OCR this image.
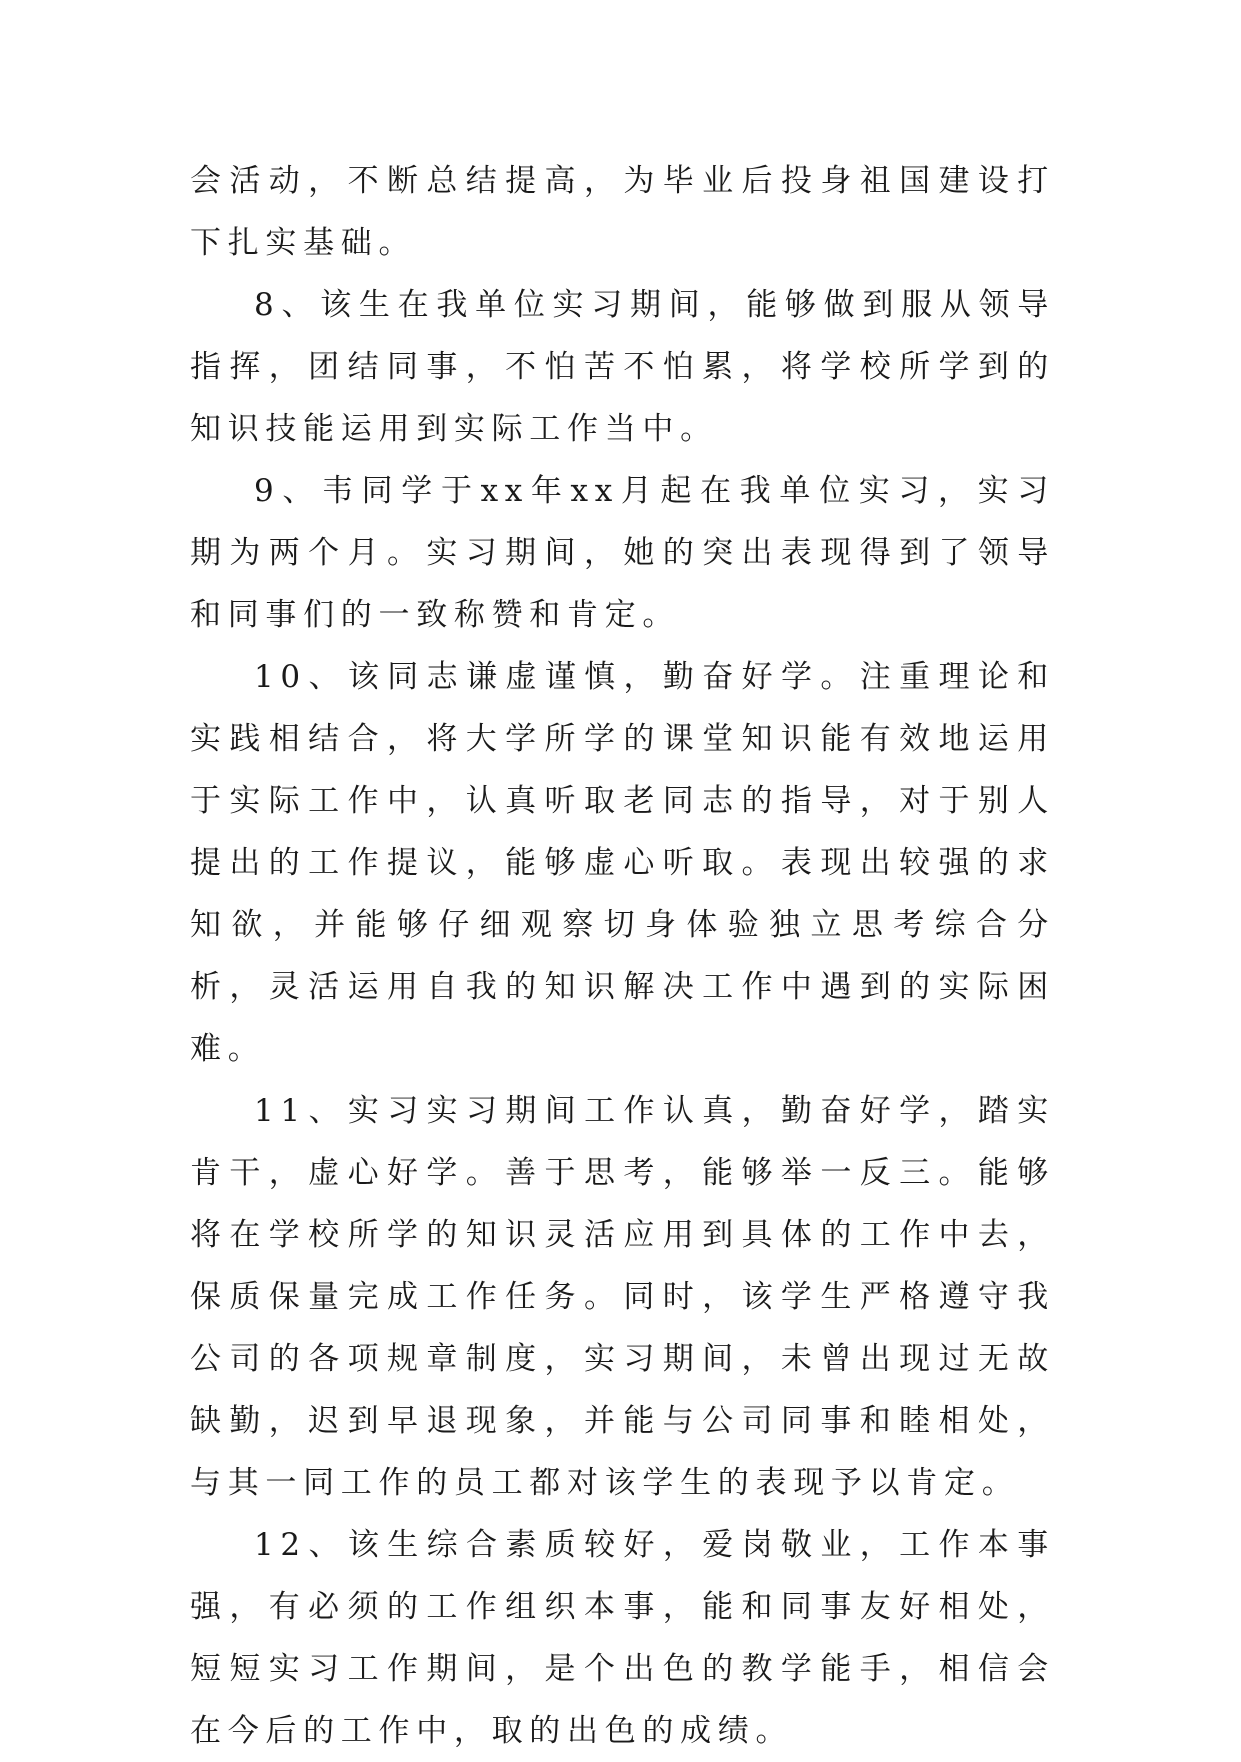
会活动，不断总结提高，为毕业后投身祖国建设打下扎实基础。

8、该生在我单位实习期间，能够做到服从领导指挥，团结同事，不怕苦不怕累，将学校所学到的知识技能运用到实际工作当中。

9、韦同学于xx年xx月起在我单位实习，实习期为两个月。实习期间，她的突出表现得到了领导和同事们的一致称赞和肯定。

10、该同志谦虚谨慎，勤奋好学。注重理论和实践相结合，将大学所学的课堂知识能有效地运用于实际工作中，认真听取老同志的指导，对于别人提出的工作提议，能够虚心听取。表现出较强的求知欲，并能够仔细观察切身体验独立思考综合分析，灵活运用自我的知识解决工作中遇到的实际困难。

11、实习实习期间工作认真，勤奋好学，踏实肯干，虚心好学。善于思考，能够举一反三。能够将在学校所学的知识灵活应用到具体的工作中去，保质保量完成工作任务。同时，该学生严格遵守我公司的各项规章制度，实习期间，未曾出现过无故缺勤，迟到早退现象，并能与公司同事和睦相处，与其一同工作的员工都对该学生的表现予以肯定。

12、该生综合素质较好，爱岗敬业，工作本事强，有必须的工作组织本事，能和同事友好相处，短短实习工作期间，是个出色的教学能手，相信会在今后的工作中，取的出色的成绩。
